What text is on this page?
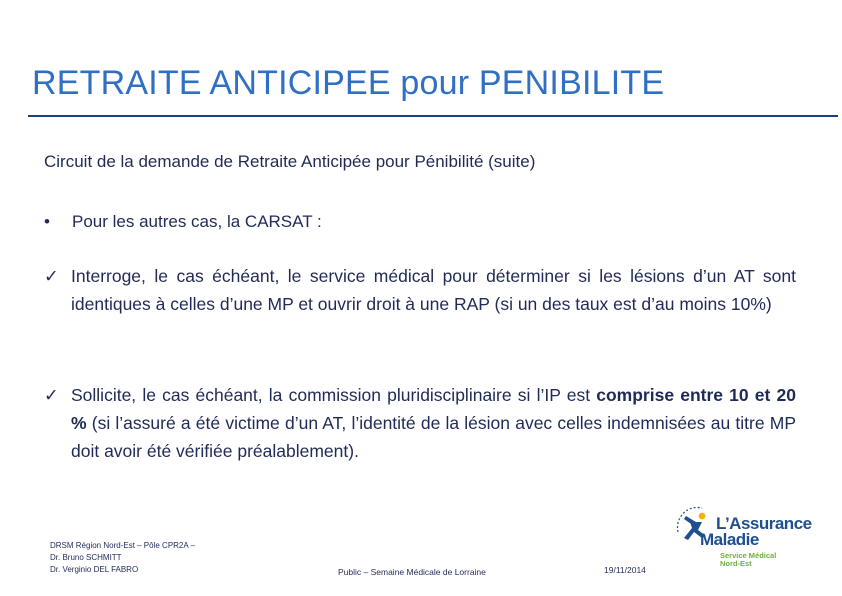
RETRAITE ANTICIPEE pour PENIBILITE
Circuit de la demande de Retraite Anticipée pour Pénibilité (suite)
• Pour les autres cas, la CARSAT :
✓ Interroge, le cas échéant, le service médical pour déterminer si les lésions d’un AT sont identiques à celles d’une MP et ouvrir droit à une RAP (si un des taux est d’au moins 10%)
✓ Sollicite, le cas échéant, la commission pluridisciplinaire si l’IP est comprise entre 10 et 20 % (si l’assuré a été victime d’un AT, l’identité de la lésion avec celles indemnisées au titre MP doit avoir été vérifiée préalablement).
DRSM Région Nord-Est – Pôle CPR2A –
Dr. Bruno SCHMITT
Dr. Verginio DEL FABRO	Public – Semaine Médicale de Lorraine	19/11/2014
L’Assurance
Maladie
Service Médical
Nord-Est
